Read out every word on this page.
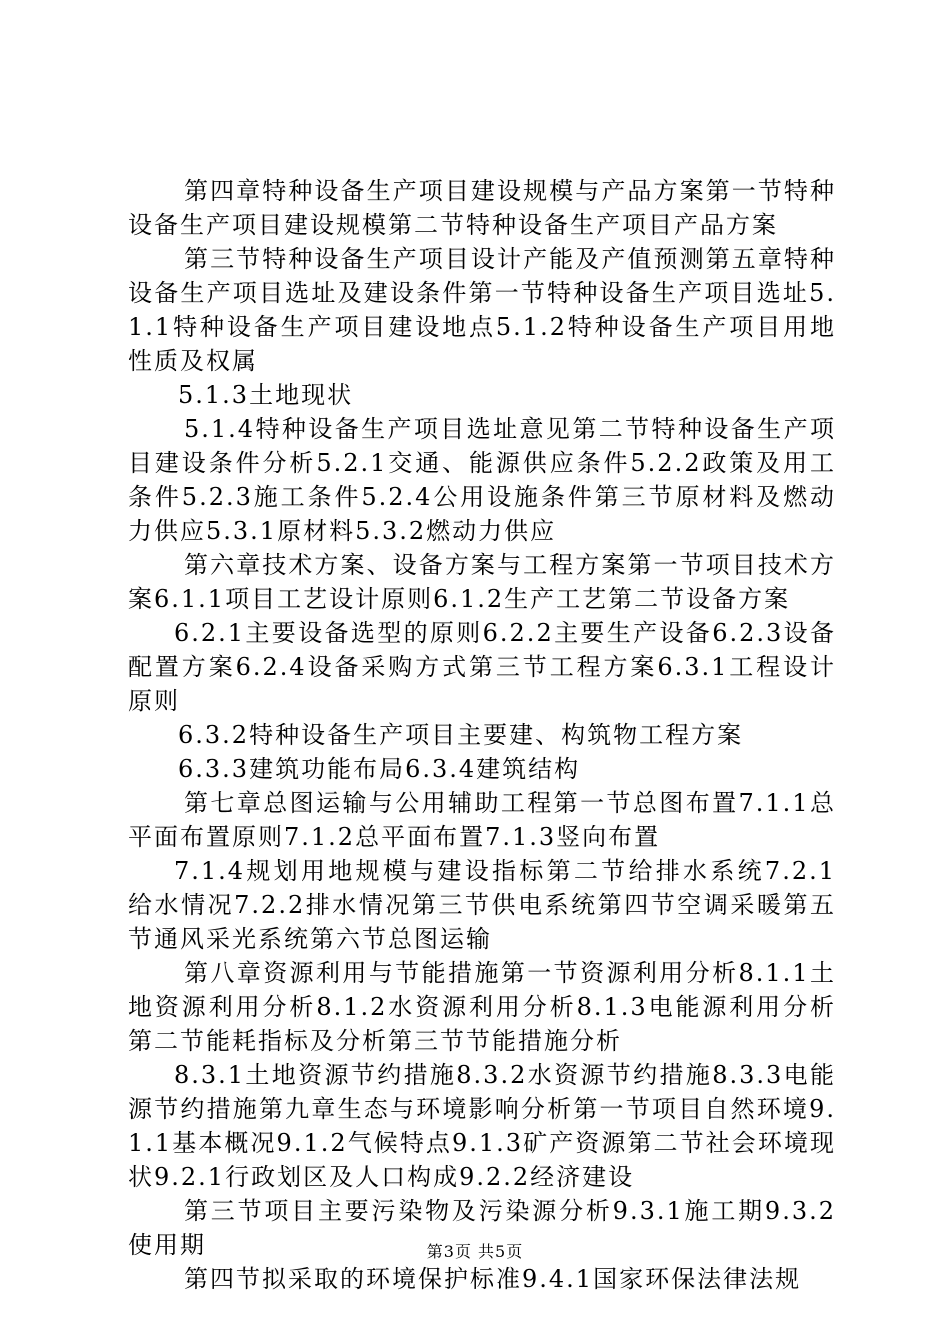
第四章特种设备生产项目建设规模与产品方案第一节特种设备生产项目建设规模第二节特种设备生产项目产品方案

第三节特种设备生产项目设计产能及产值预测第五章特种设备生产项目选址及建设条件第一节特种设备生产项目选址5.1.1特种设备生产项目建设地点5.1.2特种设备生产项目用地性质及权属

5.1.3土地现状

5.1.4特种设备生产项目选址意见第二节特种设备生产项目建设条件分析5.2.1交通、能源供应条件5.2.2政策及用工条件5.2.3施工条件5.2.4公用设施条件第三节原材料及燃动力供应5.3.1原材料5.3.2燃动力供应

第六章技术方案、设备方案与工程方案第一节项目技术方案6.1.1项目工艺设计原则6.1.2生产工艺第二节设备方案

6.2.1主要设备选型的原则6.2.2主要生产设备6.2.3设备配置方案6.2.4设备采购方式第三节工程方案6.3.1工程设计原则

6.3.2特种设备生产项目主要建、构筑物工程方案

6.3.3建筑功能布局6.3.4建筑结构

第七章总图运输与公用辅助工程第一节总图布置7.1.1总平面布置原则7.1.2总平面布置7.1.3竖向布置

7.1.4规划用地规模与建设指标第二节给排水系统7.2.1给水情况7.2.2排水情况第三节供电系统第四节空调采暖第五节通风采光系统第六节总图运输

第八章资源利用与节能措施第一节资源利用分析8.1.1土地资源利用分析8.1.2水资源利用分析8.1.3电能源利用分析第二节能耗指标及分析第三节节能措施分析

8.3.1土地资源节约措施8.3.2水资源节约措施8.3.3电能源节约措施第九章生态与环境影响分析第一节项目自然环境9.1.1基本概况9.1.2气候特点9.1.3矿产资源第二节社会环境现状9.2.1行政划区及人口构成9.2.2经济建设

第三节项目主要污染物及污染源分析9.3.1施工期9.3.2使用期

第四节拟采取的环境保护标准9.4.1国家环保法律法规

第3页 共5页
